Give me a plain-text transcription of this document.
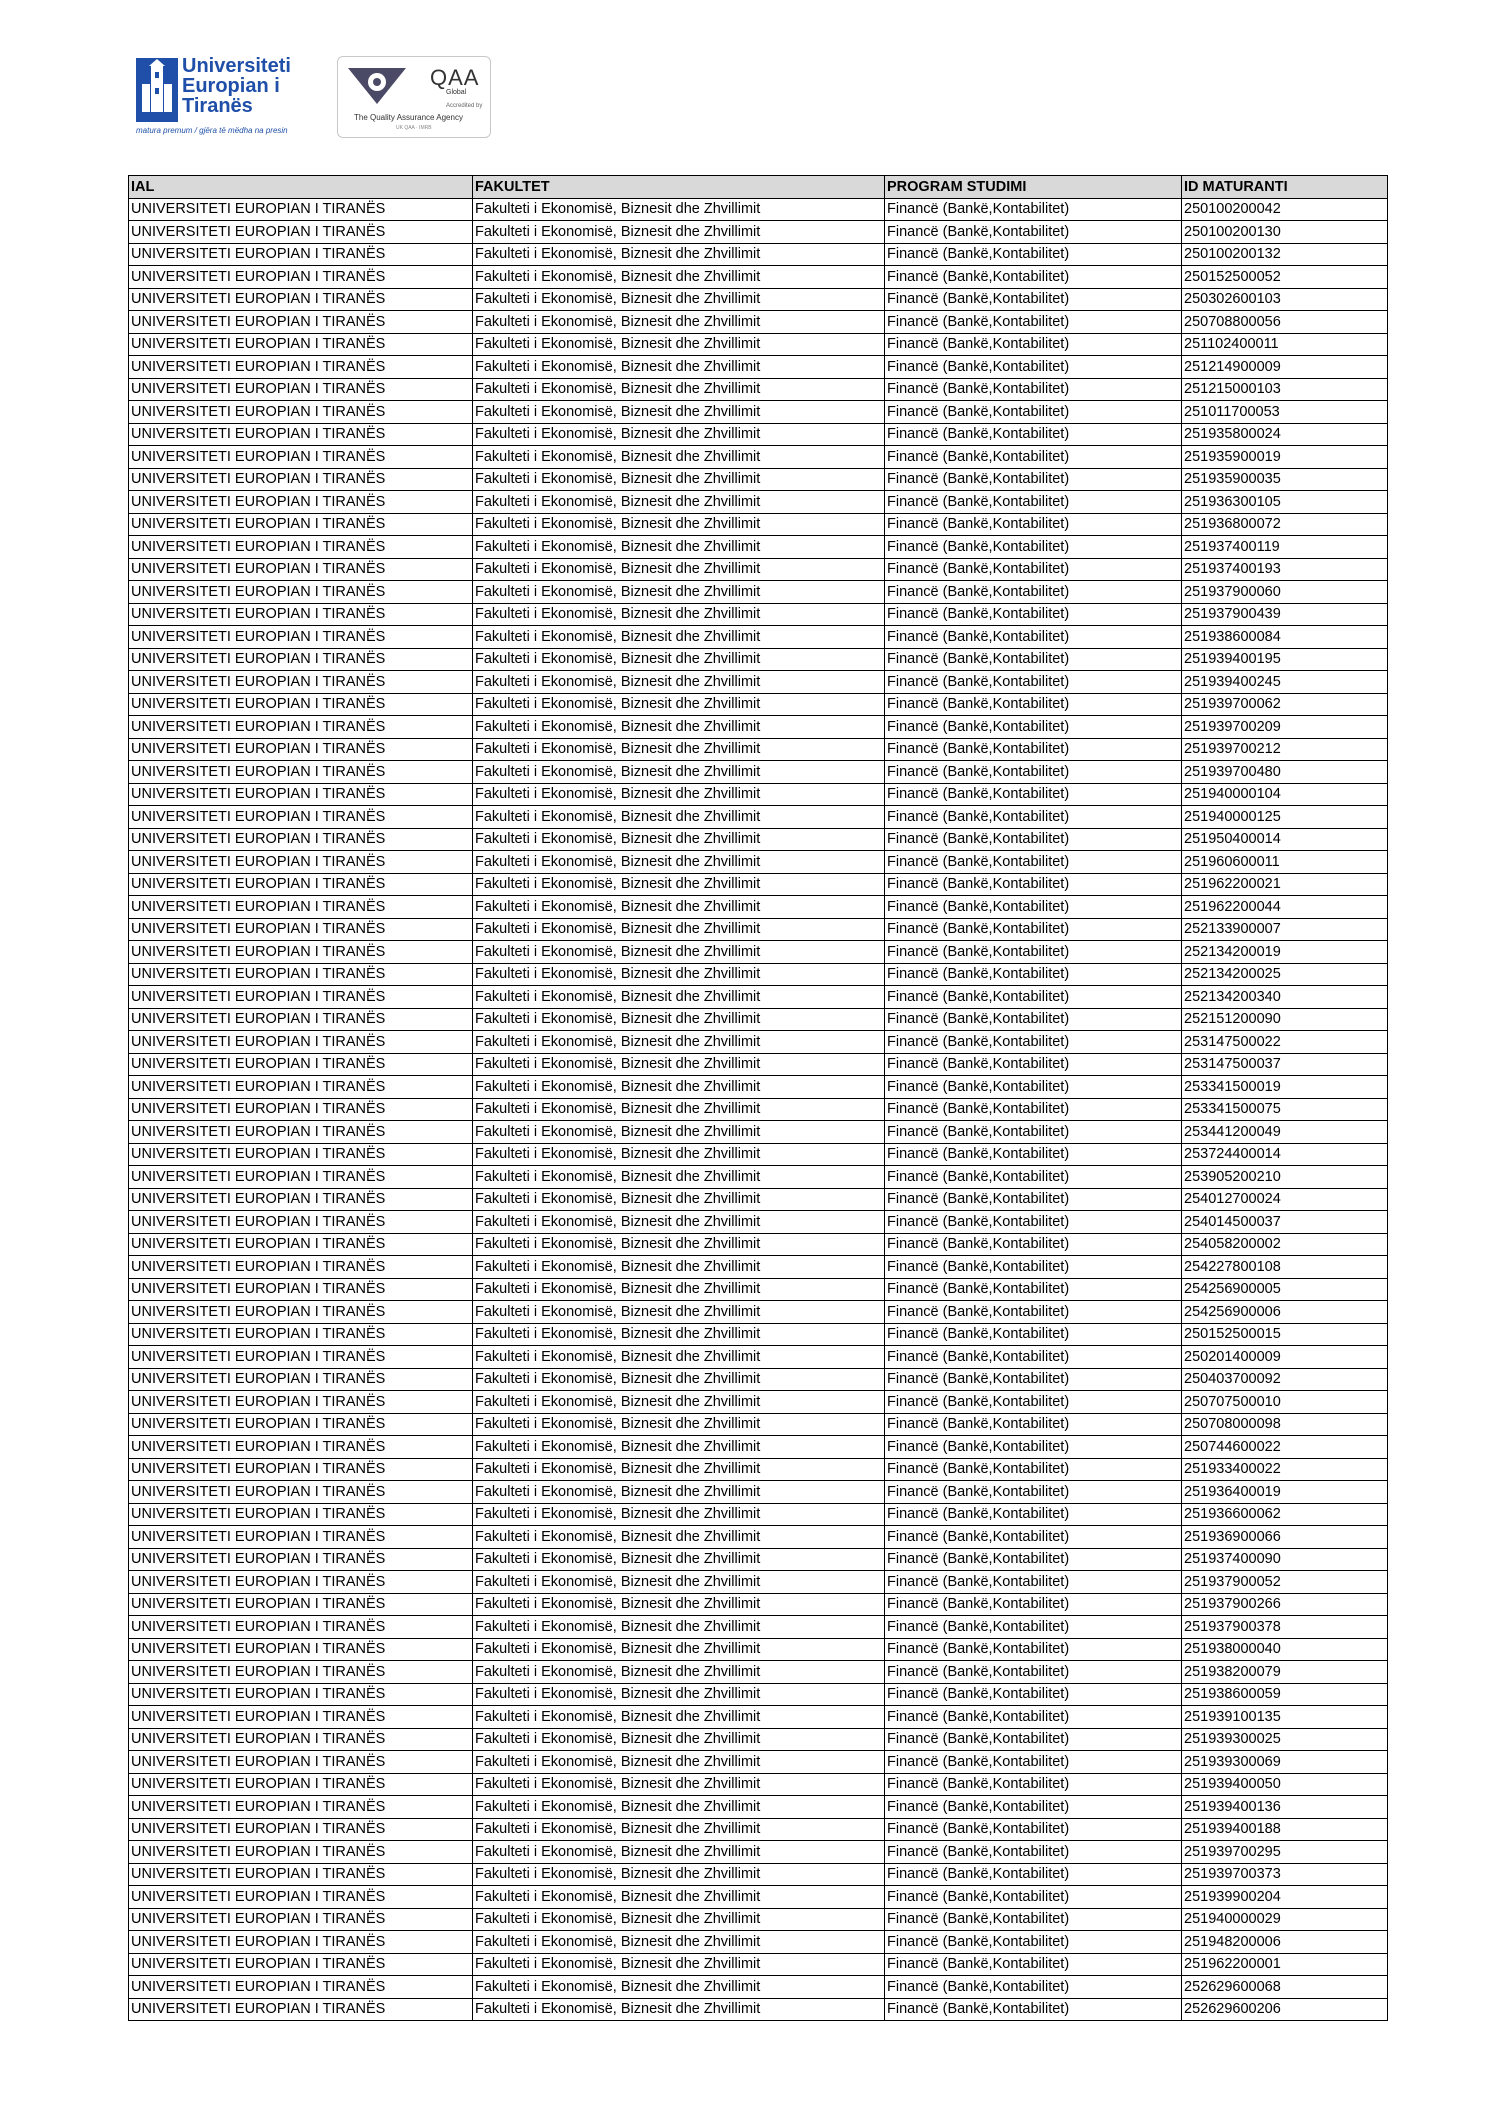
Universiteti
Europian i
Tiranës
matura premum / gjëra të mëdha na presin
QAA
Global
Accredited by
The Quality Assurance Agency
UK QAA · IMRB
IAL	FAKULTET	PROGRAM STUDIMI	ID MATURANTI
UNIVERSITETI EUROPIAN I TIRANËS	Fakulteti i Ekonomisë, Biznesit dhe Zhvillimit	Financë (Bankë,Kontabilitet)	250100200042
UNIVERSITETI EUROPIAN I TIRANËS	Fakulteti i Ekonomisë, Biznesit dhe Zhvillimit	Financë (Bankë,Kontabilitet)	250100200130
UNIVERSITETI EUROPIAN I TIRANËS	Fakulteti i Ekonomisë, Biznesit dhe Zhvillimit	Financë (Bankë,Kontabilitet)	250100200132
UNIVERSITETI EUROPIAN I TIRANËS	Fakulteti i Ekonomisë, Biznesit dhe Zhvillimit	Financë (Bankë,Kontabilitet)	250152500052
UNIVERSITETI EUROPIAN I TIRANËS	Fakulteti i Ekonomisë, Biznesit dhe Zhvillimit	Financë (Bankë,Kontabilitet)	250302600103
UNIVERSITETI EUROPIAN I TIRANËS	Fakulteti i Ekonomisë, Biznesit dhe Zhvillimit	Financë (Bankë,Kontabilitet)	250708800056
UNIVERSITETI EUROPIAN I TIRANËS	Fakulteti i Ekonomisë, Biznesit dhe Zhvillimit	Financë (Bankë,Kontabilitet)	251102400011
UNIVERSITETI EUROPIAN I TIRANËS	Fakulteti i Ekonomisë, Biznesit dhe Zhvillimit	Financë (Bankë,Kontabilitet)	251214900009
UNIVERSITETI EUROPIAN I TIRANËS	Fakulteti i Ekonomisë, Biznesit dhe Zhvillimit	Financë (Bankë,Kontabilitet)	251215000103
UNIVERSITETI EUROPIAN I TIRANËS	Fakulteti i Ekonomisë, Biznesit dhe Zhvillimit	Financë (Bankë,Kontabilitet)	251011700053
UNIVERSITETI EUROPIAN I TIRANËS	Fakulteti i Ekonomisë, Biznesit dhe Zhvillimit	Financë (Bankë,Kontabilitet)	251935800024
UNIVERSITETI EUROPIAN I TIRANËS	Fakulteti i Ekonomisë, Biznesit dhe Zhvillimit	Financë (Bankë,Kontabilitet)	251935900019
UNIVERSITETI EUROPIAN I TIRANËS	Fakulteti i Ekonomisë, Biznesit dhe Zhvillimit	Financë (Bankë,Kontabilitet)	251935900035
UNIVERSITETI EUROPIAN I TIRANËS	Fakulteti i Ekonomisë, Biznesit dhe Zhvillimit	Financë (Bankë,Kontabilitet)	251936300105
UNIVERSITETI EUROPIAN I TIRANËS	Fakulteti i Ekonomisë, Biznesit dhe Zhvillimit	Financë (Bankë,Kontabilitet)	251936800072
UNIVERSITETI EUROPIAN I TIRANËS	Fakulteti i Ekonomisë, Biznesit dhe Zhvillimit	Financë (Bankë,Kontabilitet)	251937400119
UNIVERSITETI EUROPIAN I TIRANËS	Fakulteti i Ekonomisë, Biznesit dhe Zhvillimit	Financë (Bankë,Kontabilitet)	251937400193
UNIVERSITETI EUROPIAN I TIRANËS	Fakulteti i Ekonomisë, Biznesit dhe Zhvillimit	Financë (Bankë,Kontabilitet)	251937900060
UNIVERSITETI EUROPIAN I TIRANËS	Fakulteti i Ekonomisë, Biznesit dhe Zhvillimit	Financë (Bankë,Kontabilitet)	251937900439
UNIVERSITETI EUROPIAN I TIRANËS	Fakulteti i Ekonomisë, Biznesit dhe Zhvillimit	Financë (Bankë,Kontabilitet)	251938600084
UNIVERSITETI EUROPIAN I TIRANËS	Fakulteti i Ekonomisë, Biznesit dhe Zhvillimit	Financë (Bankë,Kontabilitet)	251939400195
UNIVERSITETI EUROPIAN I TIRANËS	Fakulteti i Ekonomisë, Biznesit dhe Zhvillimit	Financë (Bankë,Kontabilitet)	251939400245
UNIVERSITETI EUROPIAN I TIRANËS	Fakulteti i Ekonomisë, Biznesit dhe Zhvillimit	Financë (Bankë,Kontabilitet)	251939700062
UNIVERSITETI EUROPIAN I TIRANËS	Fakulteti i Ekonomisë, Biznesit dhe Zhvillimit	Financë (Bankë,Kontabilitet)	251939700209
UNIVERSITETI EUROPIAN I TIRANËS	Fakulteti i Ekonomisë, Biznesit dhe Zhvillimit	Financë (Bankë,Kontabilitet)	251939700212
UNIVERSITETI EUROPIAN I TIRANËS	Fakulteti i Ekonomisë, Biznesit dhe Zhvillimit	Financë (Bankë,Kontabilitet)	251939700480
UNIVERSITETI EUROPIAN I TIRANËS	Fakulteti i Ekonomisë, Biznesit dhe Zhvillimit	Financë (Bankë,Kontabilitet)	251940000104
UNIVERSITETI EUROPIAN I TIRANËS	Fakulteti i Ekonomisë, Biznesit dhe Zhvillimit	Financë (Bankë,Kontabilitet)	251940000125
UNIVERSITETI EUROPIAN I TIRANËS	Fakulteti i Ekonomisë, Biznesit dhe Zhvillimit	Financë (Bankë,Kontabilitet)	251950400014
UNIVERSITETI EUROPIAN I TIRANËS	Fakulteti i Ekonomisë, Biznesit dhe Zhvillimit	Financë (Bankë,Kontabilitet)	251960600011
UNIVERSITETI EUROPIAN I TIRANËS	Fakulteti i Ekonomisë, Biznesit dhe Zhvillimit	Financë (Bankë,Kontabilitet)	251962200021
UNIVERSITETI EUROPIAN I TIRANËS	Fakulteti i Ekonomisë, Biznesit dhe Zhvillimit	Financë (Bankë,Kontabilitet)	251962200044
UNIVERSITETI EUROPIAN I TIRANËS	Fakulteti i Ekonomisë, Biznesit dhe Zhvillimit	Financë (Bankë,Kontabilitet)	252133900007
UNIVERSITETI EUROPIAN I TIRANËS	Fakulteti i Ekonomisë, Biznesit dhe Zhvillimit	Financë (Bankë,Kontabilitet)	252134200019
UNIVERSITETI EUROPIAN I TIRANËS	Fakulteti i Ekonomisë, Biznesit dhe Zhvillimit	Financë (Bankë,Kontabilitet)	252134200025
UNIVERSITETI EUROPIAN I TIRANËS	Fakulteti i Ekonomisë, Biznesit dhe Zhvillimit	Financë (Bankë,Kontabilitet)	252134200340
UNIVERSITETI EUROPIAN I TIRANËS	Fakulteti i Ekonomisë, Biznesit dhe Zhvillimit	Financë (Bankë,Kontabilitet)	252151200090
UNIVERSITETI EUROPIAN I TIRANËS	Fakulteti i Ekonomisë, Biznesit dhe Zhvillimit	Financë (Bankë,Kontabilitet)	253147500022
UNIVERSITETI EUROPIAN I TIRANËS	Fakulteti i Ekonomisë, Biznesit dhe Zhvillimit	Financë (Bankë,Kontabilitet)	253147500037
UNIVERSITETI EUROPIAN I TIRANËS	Fakulteti i Ekonomisë, Biznesit dhe Zhvillimit	Financë (Bankë,Kontabilitet)	253341500019
UNIVERSITETI EUROPIAN I TIRANËS	Fakulteti i Ekonomisë, Biznesit dhe Zhvillimit	Financë (Bankë,Kontabilitet)	253341500075
UNIVERSITETI EUROPIAN I TIRANËS	Fakulteti i Ekonomisë, Biznesit dhe Zhvillimit	Financë (Bankë,Kontabilitet)	253441200049
UNIVERSITETI EUROPIAN I TIRANËS	Fakulteti i Ekonomisë, Biznesit dhe Zhvillimit	Financë (Bankë,Kontabilitet)	253724400014
UNIVERSITETI EUROPIAN I TIRANËS	Fakulteti i Ekonomisë, Biznesit dhe Zhvillimit	Financë (Bankë,Kontabilitet)	253905200210
UNIVERSITETI EUROPIAN I TIRANËS	Fakulteti i Ekonomisë, Biznesit dhe Zhvillimit	Financë (Bankë,Kontabilitet)	254012700024
UNIVERSITETI EUROPIAN I TIRANËS	Fakulteti i Ekonomisë, Biznesit dhe Zhvillimit	Financë (Bankë,Kontabilitet)	254014500037
UNIVERSITETI EUROPIAN I TIRANËS	Fakulteti i Ekonomisë, Biznesit dhe Zhvillimit	Financë (Bankë,Kontabilitet)	254058200002
UNIVERSITETI EUROPIAN I TIRANËS	Fakulteti i Ekonomisë, Biznesit dhe Zhvillimit	Financë (Bankë,Kontabilitet)	254227800108
UNIVERSITETI EUROPIAN I TIRANËS	Fakulteti i Ekonomisë, Biznesit dhe Zhvillimit	Financë (Bankë,Kontabilitet)	254256900005
UNIVERSITETI EUROPIAN I TIRANËS	Fakulteti i Ekonomisë, Biznesit dhe Zhvillimit	Financë (Bankë,Kontabilitet)	254256900006
UNIVERSITETI EUROPIAN I TIRANËS	Fakulteti i Ekonomisë, Biznesit dhe Zhvillimit	Financë (Bankë,Kontabilitet)	250152500015
UNIVERSITETI EUROPIAN I TIRANËS	Fakulteti i Ekonomisë, Biznesit dhe Zhvillimit	Financë (Bankë,Kontabilitet)	250201400009
UNIVERSITETI EUROPIAN I TIRANËS	Fakulteti i Ekonomisë, Biznesit dhe Zhvillimit	Financë (Bankë,Kontabilitet)	250403700092
UNIVERSITETI EUROPIAN I TIRANËS	Fakulteti i Ekonomisë, Biznesit dhe Zhvillimit	Financë (Bankë,Kontabilitet)	250707500010
UNIVERSITETI EUROPIAN I TIRANËS	Fakulteti i Ekonomisë, Biznesit dhe Zhvillimit	Financë (Bankë,Kontabilitet)	250708000098
UNIVERSITETI EUROPIAN I TIRANËS	Fakulteti i Ekonomisë, Biznesit dhe Zhvillimit	Financë (Bankë,Kontabilitet)	250744600022
UNIVERSITETI EUROPIAN I TIRANËS	Fakulteti i Ekonomisë, Biznesit dhe Zhvillimit	Financë (Bankë,Kontabilitet)	251933400022
UNIVERSITETI EUROPIAN I TIRANËS	Fakulteti i Ekonomisë, Biznesit dhe Zhvillimit	Financë (Bankë,Kontabilitet)	251936400019
UNIVERSITETI EUROPIAN I TIRANËS	Fakulteti i Ekonomisë, Biznesit dhe Zhvillimit	Financë (Bankë,Kontabilitet)	251936600062
UNIVERSITETI EUROPIAN I TIRANËS	Fakulteti i Ekonomisë, Biznesit dhe Zhvillimit	Financë (Bankë,Kontabilitet)	251936900066
UNIVERSITETI EUROPIAN I TIRANËS	Fakulteti i Ekonomisë, Biznesit dhe Zhvillimit	Financë (Bankë,Kontabilitet)	251937400090
UNIVERSITETI EUROPIAN I TIRANËS	Fakulteti i Ekonomisë, Biznesit dhe Zhvillimit	Financë (Bankë,Kontabilitet)	251937900052
UNIVERSITETI EUROPIAN I TIRANËS	Fakulteti i Ekonomisë, Biznesit dhe Zhvillimit	Financë (Bankë,Kontabilitet)	251937900266
UNIVERSITETI EUROPIAN I TIRANËS	Fakulteti i Ekonomisë, Biznesit dhe Zhvillimit	Financë (Bankë,Kontabilitet)	251937900378
UNIVERSITETI EUROPIAN I TIRANËS	Fakulteti i Ekonomisë, Biznesit dhe Zhvillimit	Financë (Bankë,Kontabilitet)	251938000040
UNIVERSITETI EUROPIAN I TIRANËS	Fakulteti i Ekonomisë, Biznesit dhe Zhvillimit	Financë (Bankë,Kontabilitet)	251938200079
UNIVERSITETI EUROPIAN I TIRANËS	Fakulteti i Ekonomisë, Biznesit dhe Zhvillimit	Financë (Bankë,Kontabilitet)	251938600059
UNIVERSITETI EUROPIAN I TIRANËS	Fakulteti i Ekonomisë, Biznesit dhe Zhvillimit	Financë (Bankë,Kontabilitet)	251939100135
UNIVERSITETI EUROPIAN I TIRANËS	Fakulteti i Ekonomisë, Biznesit dhe Zhvillimit	Financë (Bankë,Kontabilitet)	251939300025
UNIVERSITETI EUROPIAN I TIRANËS	Fakulteti i Ekonomisë, Biznesit dhe Zhvillimit	Financë (Bankë,Kontabilitet)	251939300069
UNIVERSITETI EUROPIAN I TIRANËS	Fakulteti i Ekonomisë, Biznesit dhe Zhvillimit	Financë (Bankë,Kontabilitet)	251939400050
UNIVERSITETI EUROPIAN I TIRANËS	Fakulteti i Ekonomisë, Biznesit dhe Zhvillimit	Financë (Bankë,Kontabilitet)	251939400136
UNIVERSITETI EUROPIAN I TIRANËS	Fakulteti i Ekonomisë, Biznesit dhe Zhvillimit	Financë (Bankë,Kontabilitet)	251939400188
UNIVERSITETI EUROPIAN I TIRANËS	Fakulteti i Ekonomisë, Biznesit dhe Zhvillimit	Financë (Bankë,Kontabilitet)	251939700295
UNIVERSITETI EUROPIAN I TIRANËS	Fakulteti i Ekonomisë, Biznesit dhe Zhvillimit	Financë (Bankë,Kontabilitet)	251939700373
UNIVERSITETI EUROPIAN I TIRANËS	Fakulteti i Ekonomisë, Biznesit dhe Zhvillimit	Financë (Bankë,Kontabilitet)	251939900204
UNIVERSITETI EUROPIAN I TIRANËS	Fakulteti i Ekonomisë, Biznesit dhe Zhvillimit	Financë (Bankë,Kontabilitet)	251940000029
UNIVERSITETI EUROPIAN I TIRANËS	Fakulteti i Ekonomisë, Biznesit dhe Zhvillimit	Financë (Bankë,Kontabilitet)	251948200006
UNIVERSITETI EUROPIAN I TIRANËS	Fakulteti i Ekonomisë, Biznesit dhe Zhvillimit	Financë (Bankë,Kontabilitet)	251962200001
UNIVERSITETI EUROPIAN I TIRANËS	Fakulteti i Ekonomisë, Biznesit dhe Zhvillimit	Financë (Bankë,Kontabilitet)	252629600068
UNIVERSITETI EUROPIAN I TIRANËS	Fakulteti i Ekonomisë, Biznesit dhe Zhvillimit	Financë (Bankë,Kontabilitet)	252629600206
